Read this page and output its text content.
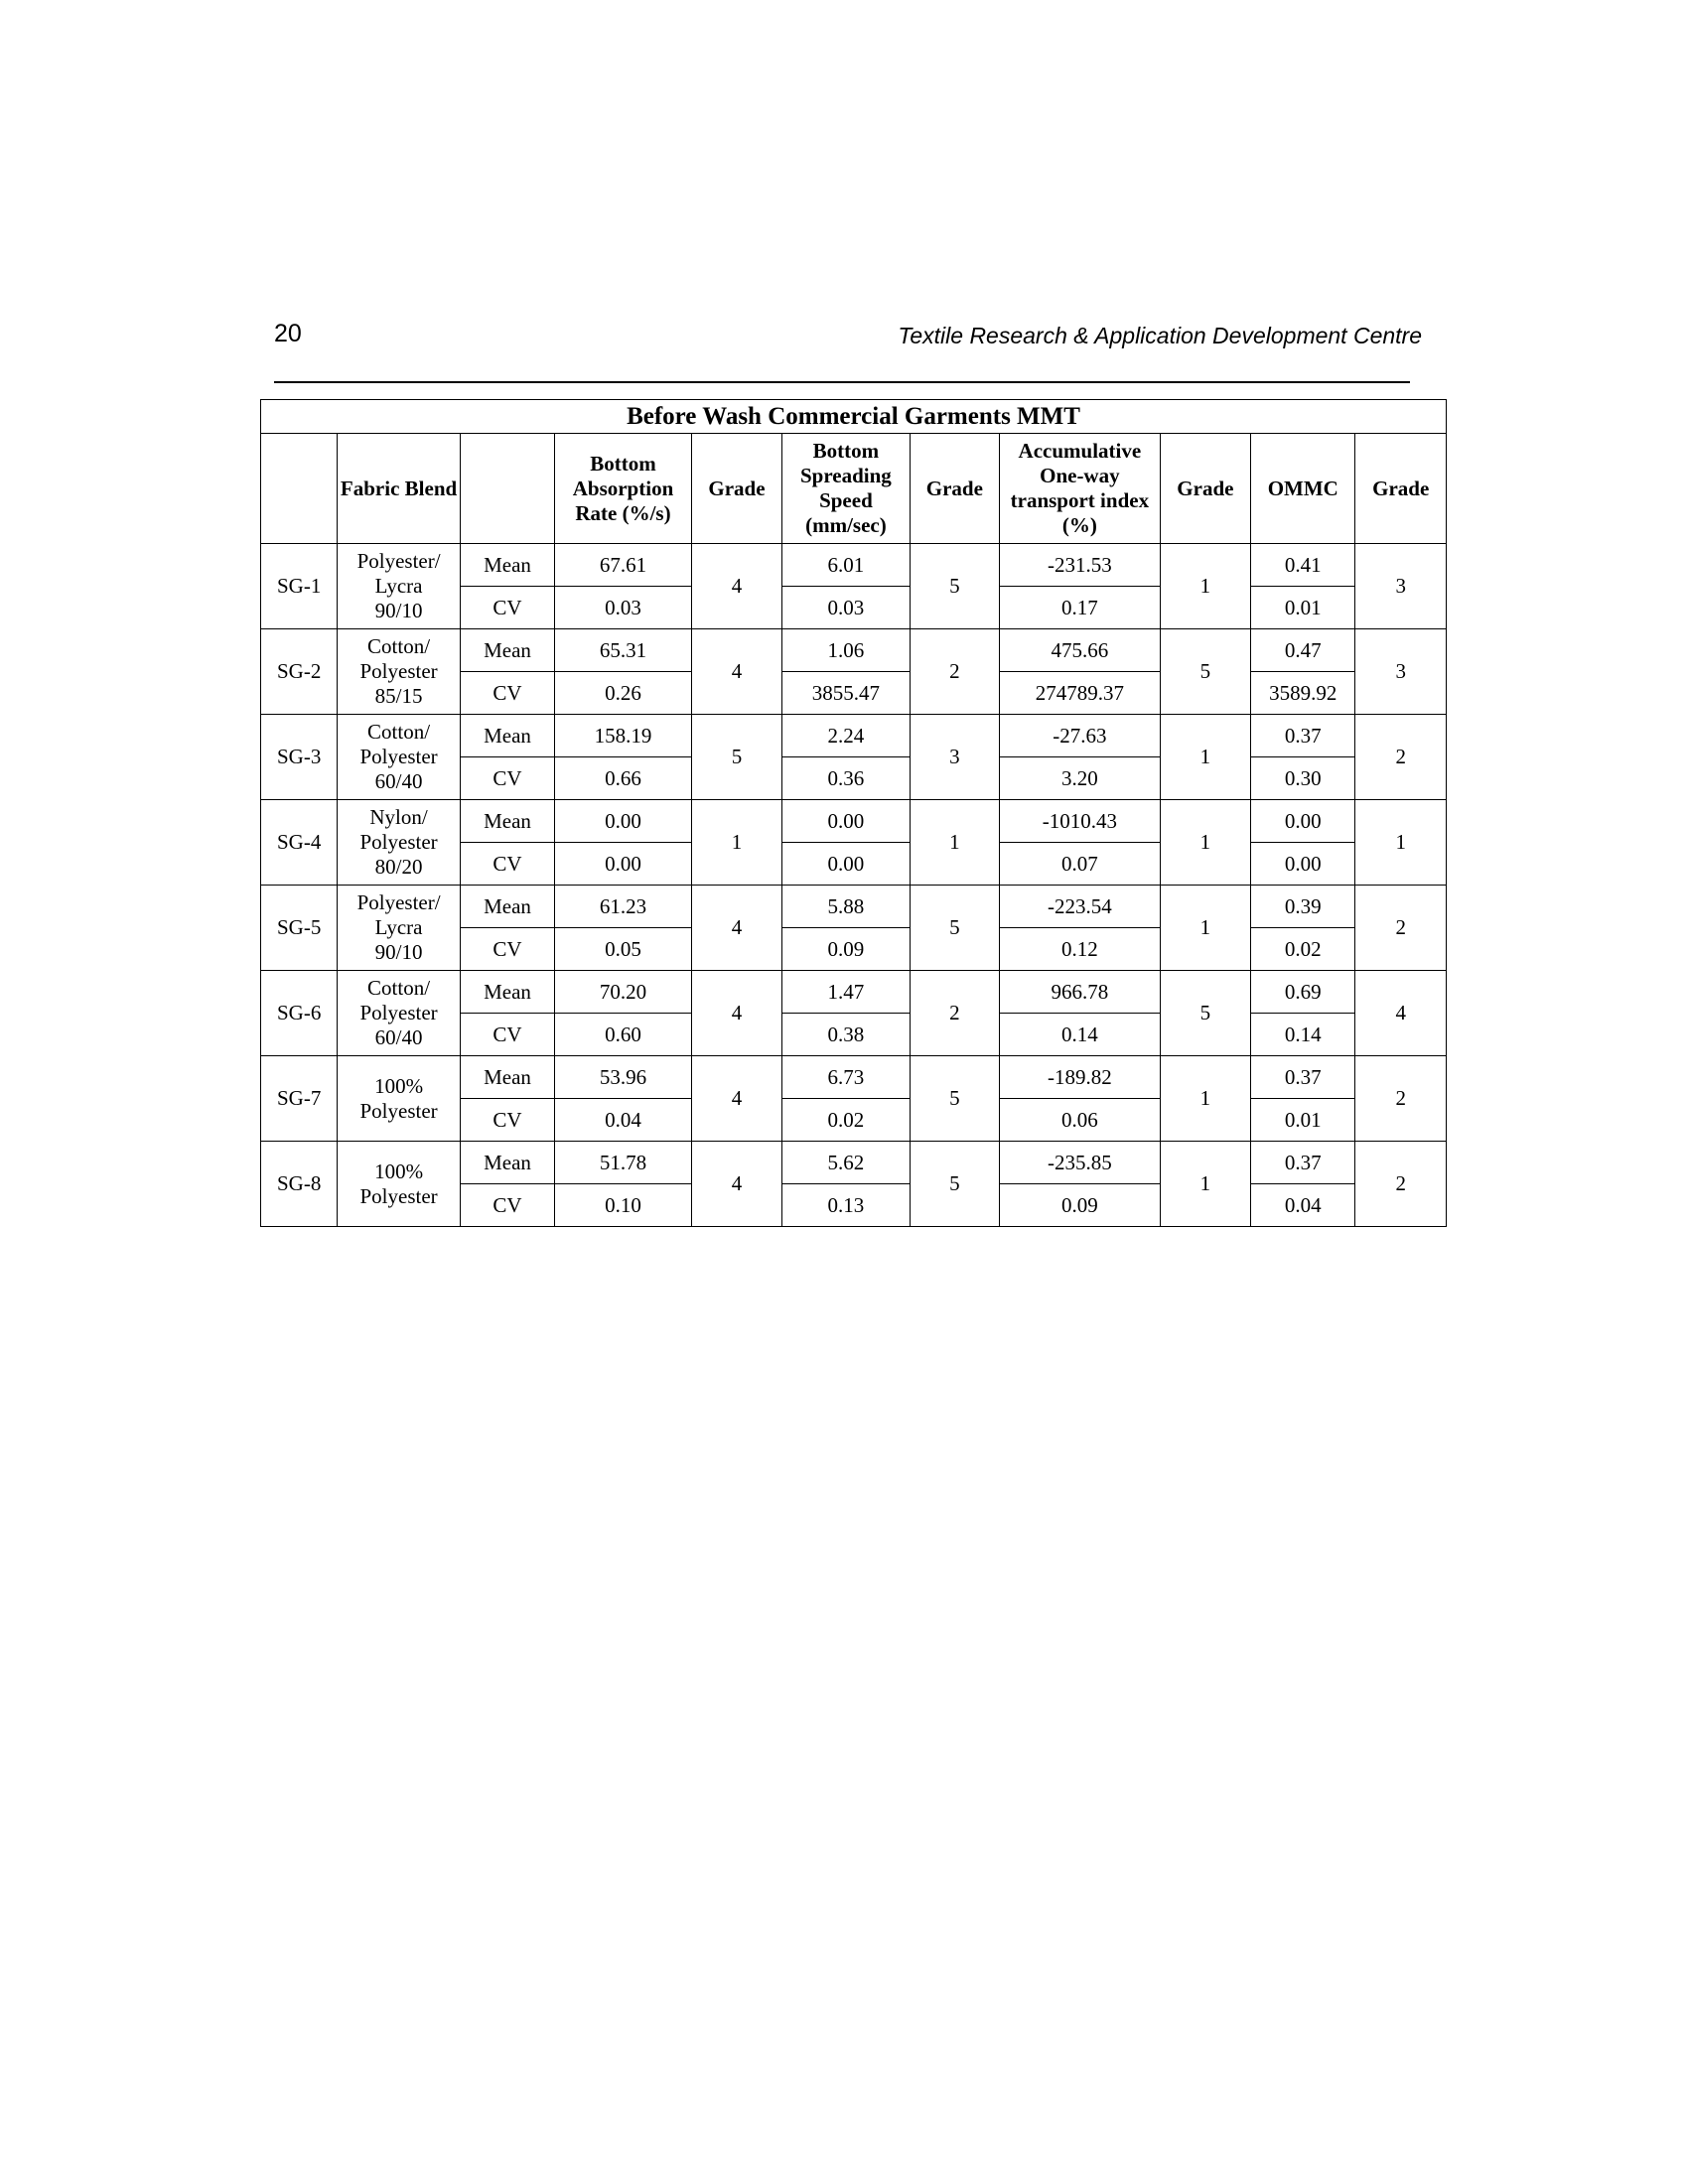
20	Textile Research & Application Development Centre
Before Wash Commercial Garments MMT										
	Fabric Blend		Bottom Absorption Rate (%/s)	Grade	Bottom Spreading Speed (mm/sec)	Grade	Accumulative One-way transport index (%)	Grade	OMMC	Grade
SG-1	Polyester/
Lycra
90/10	Mean	67.61	4	6.01	5	-231.53	1	0.41	3
		CV	0.03		0.03		0.17		0.01	
SG-2	Cotton/
Polyester
85/15	Mean	65.31	4	1.06	2	475.66	5	0.47	3
		CV	0.26		3855.47		274789.37		3589.92	
SG-3	Cotton/
Polyester
60/40	Mean	158.19	5	2.24	3	-27.63	1	0.37	2
		CV	0.66		0.36		3.20		0.30	
SG-4	Nylon/
Polyester
80/20	Mean	0.00	1	0.00	1	-1010.43	1	0.00	1
		CV	0.00		0.00		0.07		0.00	
SG-5	Polyester/
Lycra
90/10	Mean	61.23	4	5.88	5	-223.54	1	0.39	2
		CV	0.05		0.09		0.12		0.02	
SG-6	Cotton/
Polyester
60/40	Mean	70.20	4	1.47	2	966.78	5	0.69	4
		CV	0.60		0.38		0.14		0.14	
SG-7	100%
Polyester	Mean	53.96	4	6.73	5	-189.82	1	0.37	2
		CV	0.04		0.02		0.06		0.01	
SG-8	100%
Polyester	Mean	51.78	4	5.62	5	-235.85	1	0.37	2
		CV	0.10		0.13		0.09		0.04	
